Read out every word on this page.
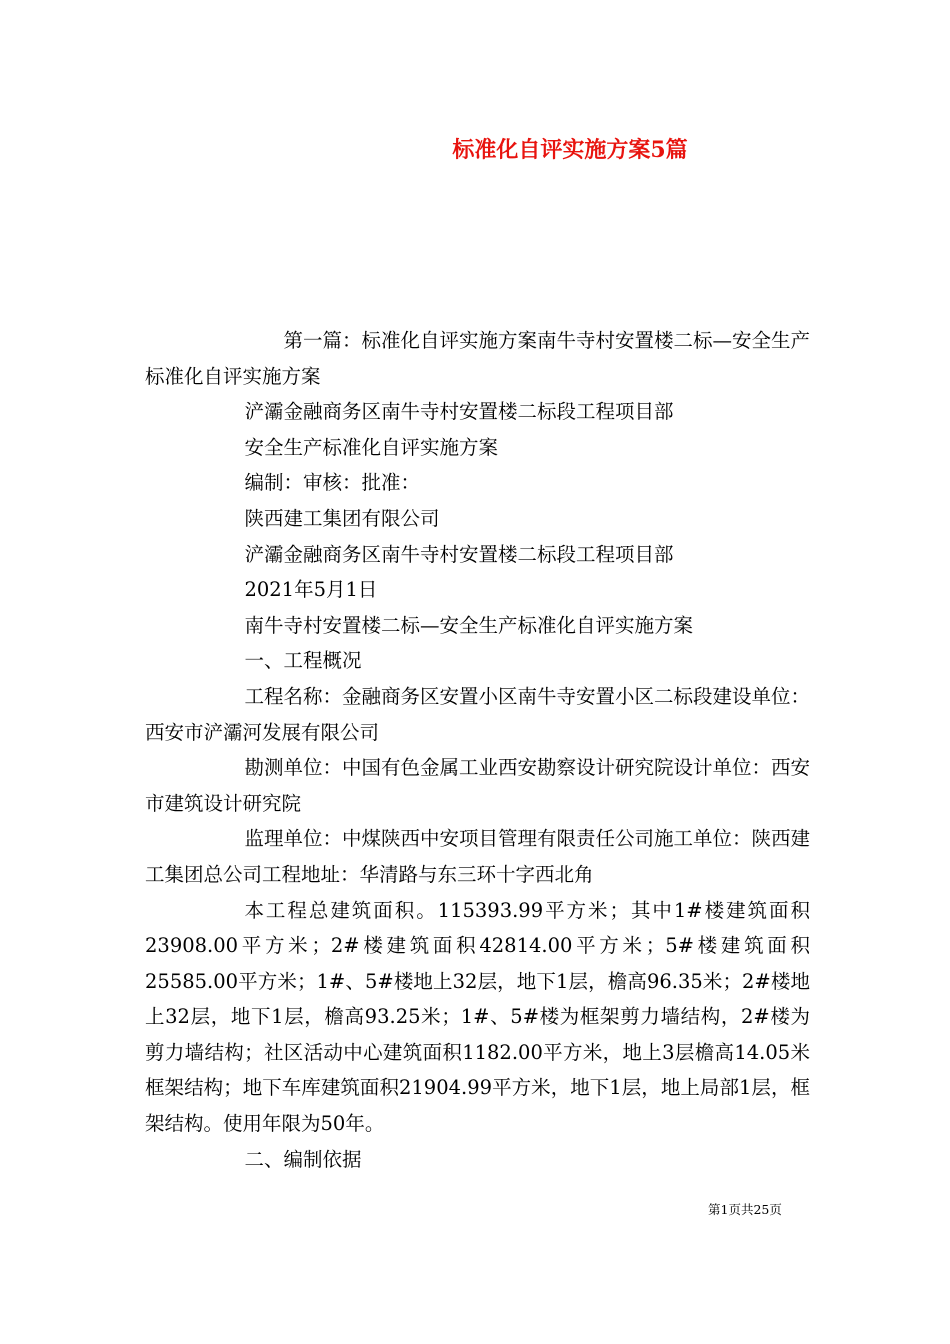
标准化自评实施方案5篇

第一篇：标准化自评实施方案南牛寺村安置楼二标—安全生产标准化自评实施方案

浐灞金融商务区南牛寺村安置楼二标段工程项目部

安全生产标准化自评实施方案

编制：审核：批准：

陕西建工集团有限公司

浐灞金融商务区南牛寺村安置楼二标段工程项目部

2021年5月1日

南牛寺村安置楼二标—安全生产标准化自评实施方案

一、工程概况

工程名称：金融商务区安置小区南牛寺安置小区二标段建设单位：西安市浐灞河发展有限公司

勘测单位：中国有色金属工业西安勘察设计研究院设计单位：西安市建筑设计研究院

监理单位：中煤陕西中安项目管理有限责任公司施工单位：陕西建工集团总公司工程地址：华清路与东三环十字西北角

本工程总建筑面积。115393.99平方米；其中1#楼建筑面积23908.00平方米；2#楼建筑面积42814.00平方米；5#楼建筑面积25585.00平方米；1#、5#楼地上32层，地下1层，檐高96.35米；2#楼地上32层，地下1层，檐高93.25米；1#、5#楼为框架剪力墙结构，2#楼为剪力墙结构；社区活动中心建筑面积1182.00平方米，地上3层檐高14.05米框架结构；地下车库建筑面积21904.99平方米，地下1层，地上局部1层，框架结构。使用年限为50年。

二、编制依据

第1页共25页
